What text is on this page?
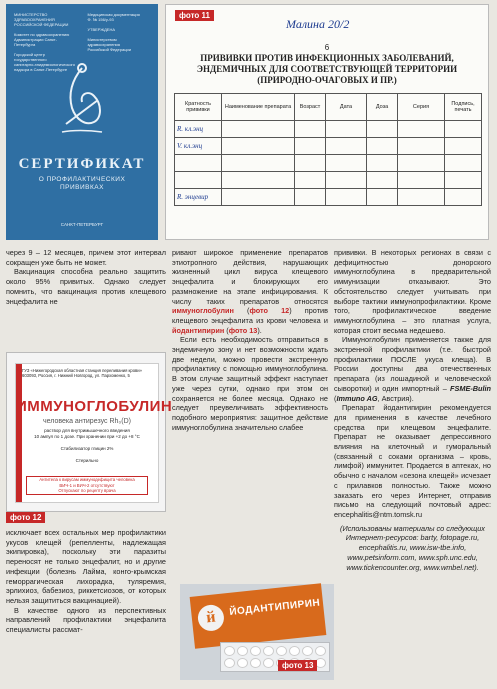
МИНИСТЕРСТВО
ЗДРАВООХРАНЕНИЯ
РОССИЙСКОЙ ФЕДЕРАЦИИ

Комитет по здравоохранению
Администрации Санкт-Петербурга

Городской центр
государственного
санитарно-эпидемиологического
надзора в Санкт-Петербурге
Медицинская документация
Ф. № 156/у-93

УТВЕРЖДЕНА

Министерством
здравоохранения
Российской Федерации
СЕРТИФИКАТ
О ПРОФИЛАКТИЧЕСКИХ
ПРИВИВКАХ
САНКТ-ПЕТЕРБУРГ
Малина 20/2
6
ПРИВИВКИ ПРОТИВ ИНФЕКЦИОННЫХ ЗАБОЛЕВАНИЙ,
ЭНДЕМИЧНЫХ ДЛЯ СООТВЕТСТВУЮЩЕЙ ТЕРРИТОРИИ
(ПРИРОДНО-ОЧАГОВЫХ И ПР.)
Кратность прививки	Наименование препарата	Возраст	Дата	Доза	Серия	Подпись, печать
R. кл.энц						
V. кл.энц						

R. энцевир						
фото 11

через 9 – 12 месяцев, причем этот интервал сокращен уже быть не может.

Вакцинация способна реально защитить около 95% привитых. Однако следует помнить, что вакцинация против клещевого энцефалита не

ГУЗ «Нижегородская областная станция переливания крови»
603093, Россия, г. Нижний Новгород, ул. Пархоменко, 5
ИММУНОГЛОБУЛИН
человека антирезус Rh₀(D)
раствор для внутримышечного введения
10 ампул по 1 дозе. При хранении при +2 до +8 °С

Стабилизатор глицин 2%

Стерильно
Антитела к вирусам иммунодефицита человека
ВИЧ-1 и ВИЧ-2 отсутствуют
Отпускают по рецепту врача
фото 12

исключает всех остальных мер профилактики укусов клещей (репелленты, надлежащая экипировка), поскольку эти паразиты переносят не только энцефалит, но и другие инфекции (болезнь Лайма, конго-крымская геморрагическая лихорадка, туляремия, эрлихиоз, бабезиоз, риккетсиозов, от которых нельзя защититься вакцинацией).

В качестве одного из перспективных направлений профилактики энцефалита специалисты рассмат-

ривают широкое применение препаратов этиотропного действия, нарушающих жизненный цикл вируса клещевого энцефалита и блокирующих его размножение на этапе инфицирования. К числу таких препаратов относятся иммуноглобулин (фото 12) против клещевого энцефалита из крови человека и йодантипирин (фото 13).

Если есть необходимость отправиться в эндемичную зону и нет возможности ждать две недели, можно провести экстренную профилактику с помощью иммуноглобулина. В этом случае защитный эффект наступает уже через сутки, однако при этом он сохраняется не более месяца. Однако не следует преувеличивать эффективность подобного мероприятия: защитное действие иммуноглобулина значительно слабее

прививки. В некоторых регионах в связи с дефицитностью донорского иммуноглобулина в предварительной иммунизации отказывают. Это обстоятельство следует учитывать при выборе тактики иммунопрофилактики. Кроме того, профилактическое введение иммуноглобулина – это платная услуга, которая стоит весьма недешево.

Иммуноглобулин применяется также для экстренной профилактики (т.е. быстрой профилактики ПОСЛЕ укуса клеща). В России доступны два отечественных препарата (из лошадиной и человеческой сыворотки) и один импортный – FSME-Bulin (Immuno AG, Австрия).

Препарат йодантипирин рекомендуется для применения в качестве лечебного средства при клещевом энцефалите. Препарат не оказывает депрессивного влияния на клеточный и гуморальный (связанный с соками организма – кровь, лимфой) иммунитет. Продается в аптеках, но обычно с началом «сезона клещей» исчезает с прилавков полностью. Также можно заказать его через Интернет, отправив письмо на следующий почтовый адрес: encephalitis@ntm.tomsk.ru

(Использованы материалы со следующих Интернет-ресурсов: barty, fotopage.ru, encephalitis.ru, www.isw-tbe.info, www.petsinform.com, www.sph.unc.edu, www.tickencounter.org, www.wmbel.net).

й	ЙОДАНТИПИРИН
фото 13
